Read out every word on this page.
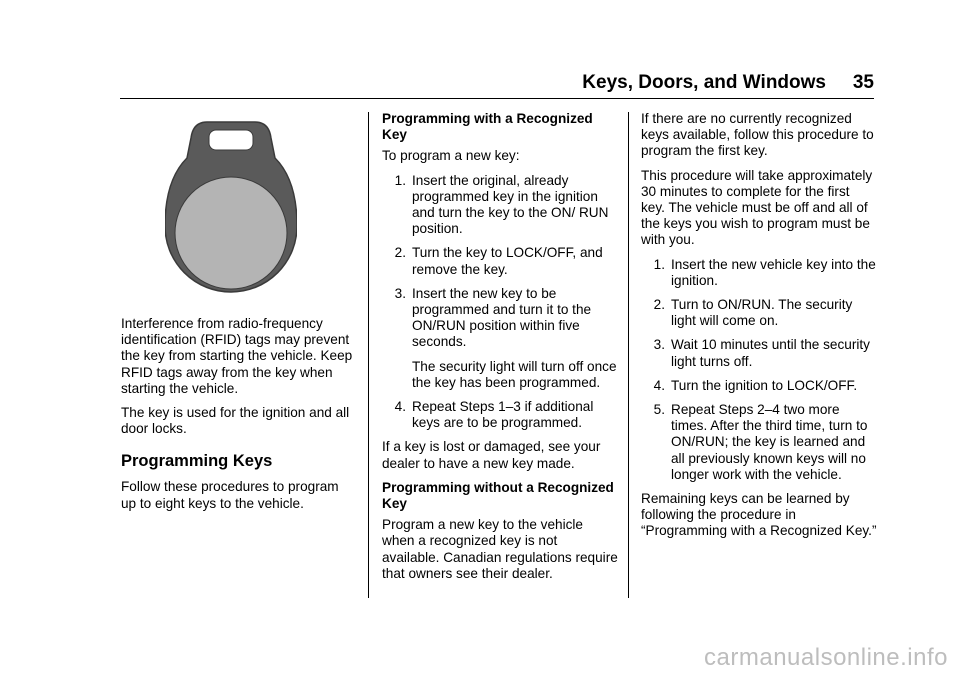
Keys, Doors, and Windows 35

Interference from radio-frequency identification (RFID) tags may prevent the key from starting the vehicle. Keep RFID tags away from the key when starting the vehicle.

The key is used for the ignition and all door locks.

Programming Keys

Follow these procedures to program up to eight keys to the vehicle.

Programming with a Recognized Key

To program a new key:

1. Insert the original, already programmed key in the ignition and turn the key to the ON/ RUN position.
2. Turn the key to LOCK/OFF, and remove the key.
3. Insert the new key to be programmed and turn it to the ON/RUN position within five seconds.
The security light will turn off once the key has been programmed.
4. Repeat Steps 1–3 if additional keys are to be programmed.

If a key is lost or damaged, see your dealer to have a new key made.

Programming without a Recognized Key

Program a new key to the vehicle when a recognized key is not available. Canadian regulations require that owners see their dealer.

If there are no currently recognized keys available, follow this procedure to program the first key.

This procedure will take approximately 30 minutes to complete for the first key. The vehicle must be off and all of the keys you wish to program must be with you.

1. Insert the new vehicle key into the ignition.
2. Turn to ON/RUN. The security light will come on.
3. Wait 10 minutes until the security light turns off.
4. Turn the ignition to LOCK/OFF.
5. Repeat Steps 2–4 two more times. After the third time, turn to ON/RUN; the key is learned and all previously known keys will no longer work with the vehicle.

Remaining keys can be learned by following the procedure in “Programming with a Recognized Key.”

carmanualsonline.info
